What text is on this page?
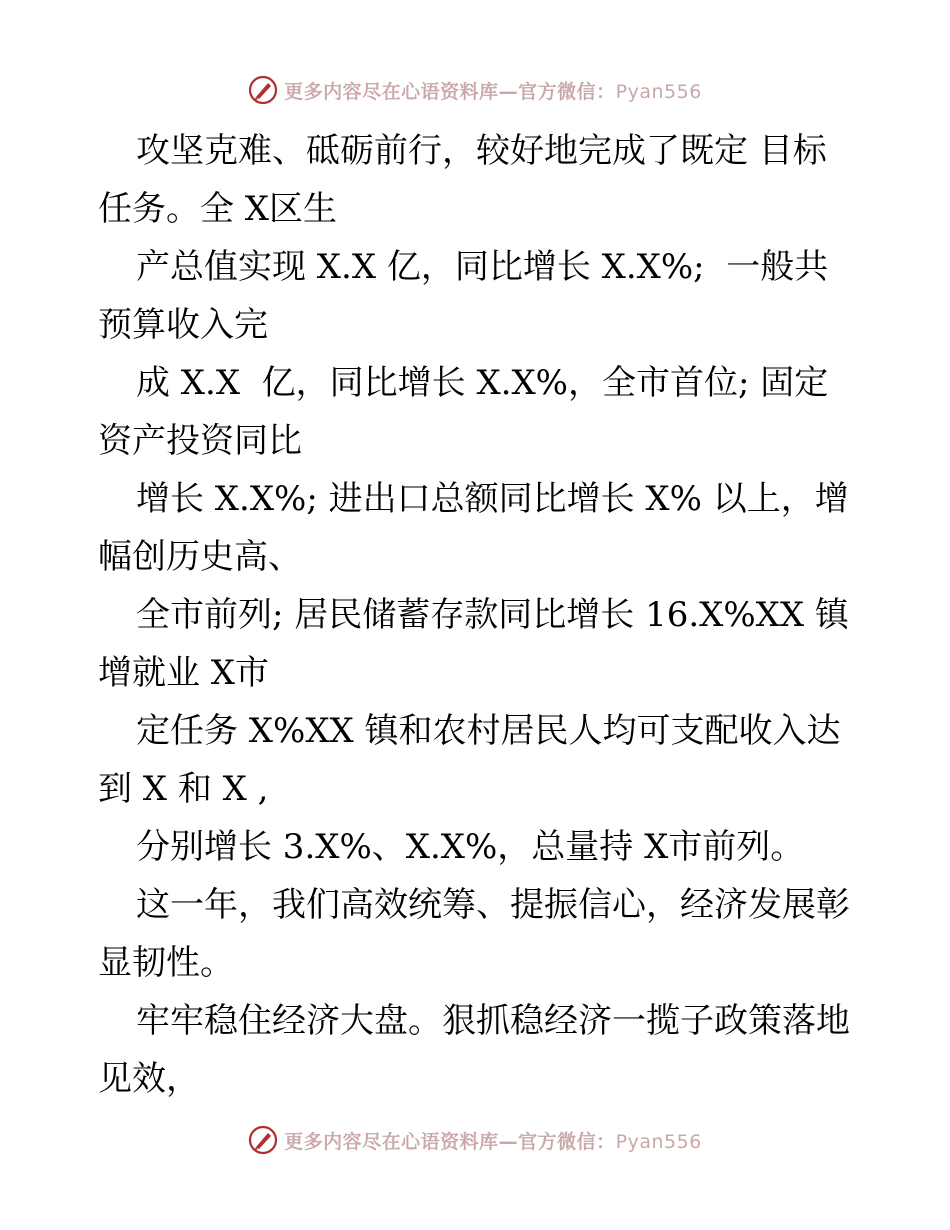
更多内容尽在心语资料库—官方微信：Pyan556

攻坚克难、砥砺前行，较好地完成了既定 目标任务。全 X区生

产总值实现 X.X 亿，同比增长 X.X%;  一般共预算收入完

成 X.X  亿，同比增长 X.X%，全市首位; 固定资产投资同比

增长 X.X%; 进出口总额同比增长 X% 以上，增幅创历史高、

全市前列; 居民储蓄存款同比增长 16.X%XX 镇增就业 X市

定任务 X%XX 镇和农村居民人均可支配收入达到 X 和 X ,

分别增长 3.X%、X.X%，总量持 X市前列。

这一年，我们高效统筹、提振信心，经济发展彰显韧性。

牢牢稳住经济大盘。狠抓稳经济一揽子政策落地见效，

更多内容尽在心语资料库—官方微信：Pyan556
